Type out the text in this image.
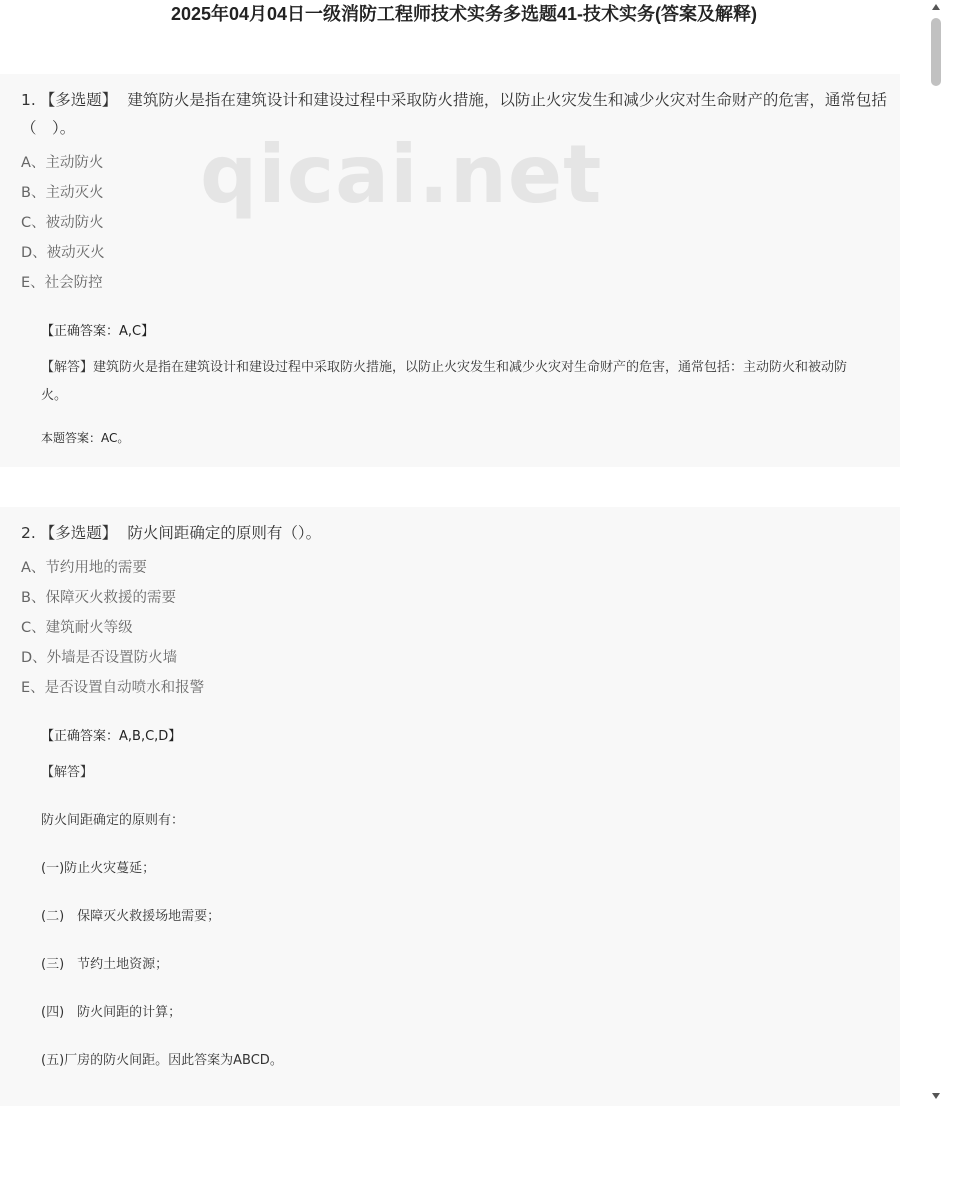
2025年04月04日一级消防工程师技术实务多选题41-技术实务(答案及解释)
1. 【多选题】 建筑防火是指在建筑设计和建设过程中采取防火措施，以防止火灾发生和减少火灾对生命财产的危害，通常包括（　）。
A、主动防火
B、主动灭火
C、被动防火
D、被动灭火
E、社会防控
【正确答案：A,C】
【解答】建筑防火是指在建筑设计和建设过程中采取防火措施，以防止火灾发生和减少火灾对生命财产的危害，通常包括：主动防火和被动防火。
本题答案：AC。
qicai.net
2. 【多选题】 防火间距确定的原则有（）。
A、节约用地的需要
B、保障灭火救援的需要
C、建筑耐火等级
D、外墙是否设置防火墙
E、是否设置自动喷水和报警
【正确答案：A,B,C,D】
【解答】
防火间距确定的原则有：
(一)防止火灾蔓延；
(二)　保障灭火救援场地需要；
(三)　节约土地资源；
(四)　防火间距的计算；
(五)厂房的防火间距。因此答案为ABCD。
